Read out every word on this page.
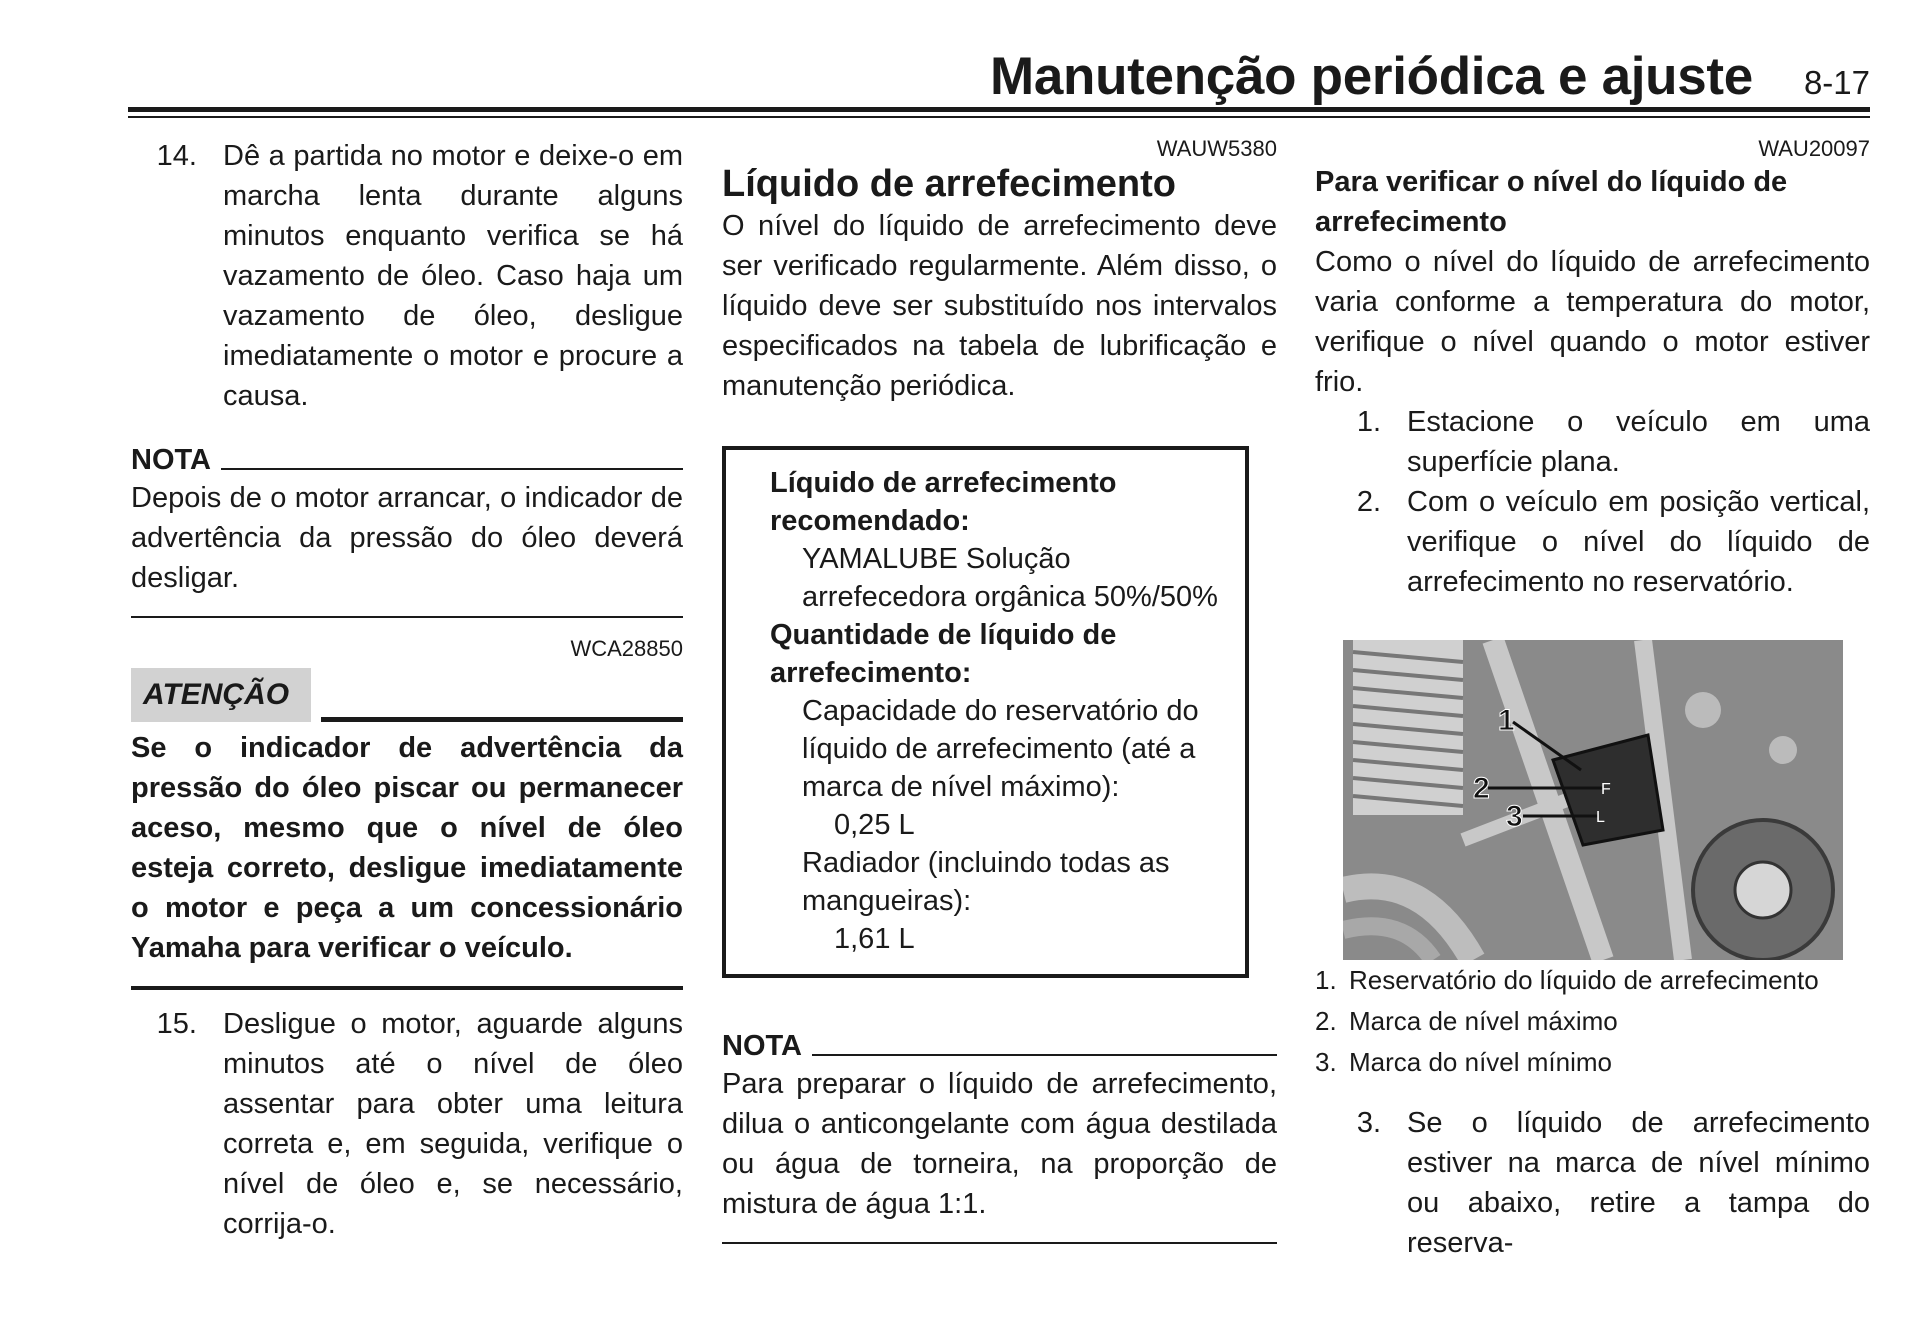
Manutenção periódica e ajuste 8-17
14. Dê a partida no motor e deixe-o em marcha lenta durante alguns minutos enquanto verifica se há vazamento de óleo. Caso haja um vazamento de óleo, desligue imediatamente o motor e procure a causa.
NOTA

Depois de o motor arrancar, o indicador de advertência da pressão do óleo deverá desligar.

WCA28850
ATENÇÃO

Se o indicador de advertência da pressão do óleo piscar ou permanecer aceso, mesmo que o nível de óleo esteja correto, desligue imediatamente o motor e peça a um concessionário Yamaha para verificar o veículo.

15. Desligue o motor, aguarde alguns minutos até o nível de óleo assentar para obter uma leitura correta e, em seguida, verifique o nível de óleo e, se necessário, corrija-o.
WAUW5380
Líquido de arrefecimento

O nível do líquido de arrefecimento deve ser verificado regularmente. Além disso, o líquido deve ser substituído nos intervalos especificados na tabela de lubrificação e manutenção periódica.

Líquido de arrefecimento recomendado:
YAMALUBE Solução arrefecedora orgânica 50%/50%
Quantidade de líquido de arrefecimento:
Capacidade do reservatório do líquido de arrefecimento (até a marca de nível máximo):
0,25 L
Radiador (incluindo todas as mangueiras):
1,61 L
NOTA

Para preparar o líquido de arrefecimento, dilua o anticongelante com água destilada ou água de torneira, na proporção de mistura de água 1:1.

WAU20097
Para verificar o nível do líquido de arrefecimento

Como o nível do líquido de arrefecimento varia conforme a temperatura do motor, verifique o nível quando o motor estiver frio.

1. Estacione o veículo em uma superfície plana.
2. Com o veículo em posição vertical, verifique o nível do líquido de arrefecimento no reservatório.
F
L
1
2
3
1. Reservatório do líquido de arrefecimento
2. Marca de nível máximo
3. Marca do nível mínimo
3. Se o líquido de arrefecimento estiver na marca de nível mínimo ou abaixo, retire a tampa do reserva-
